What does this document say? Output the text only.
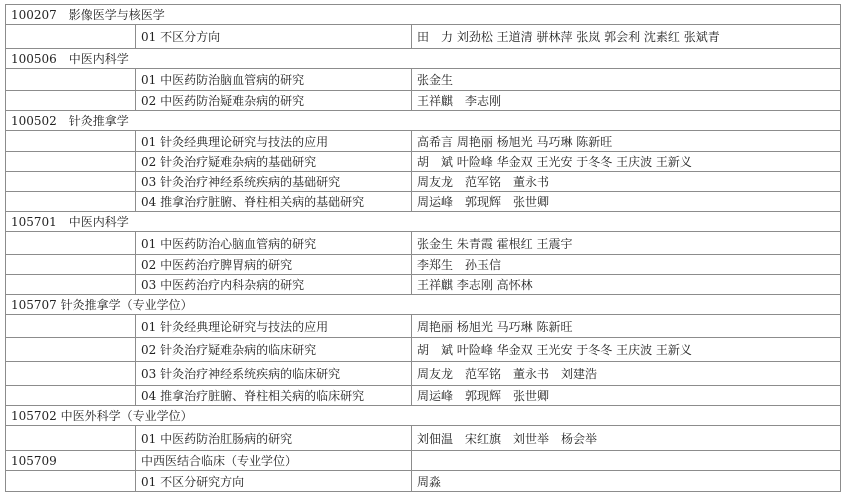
100207　影像医学与核医学		
	01 不区分方向	田　力 刘劲松 王道清 骈林萍 张岚 郭会利 沈素红 张斌青
100506　中医内科学		
	01 中医药防治脑血管病的研究	张金生
	02 中医药防治疑难杂病的研究	王祥麒　李志刚
100502　针灸推拿学		
	01 针灸经典理论研究与技法的应用	高希言 周艳丽 杨旭光 马巧琳 陈新旺
	02 针灸治疗疑难杂病的基础研究	胡　斌 叶险峰 华金双 王光安 于冬冬 王庆波 王新义
	03 针灸治疗神经系统疾病的基础研究	周友龙　范军铭　董永书
	04 推拿治疗脏腑、脊柱相关病的基础研究	周运峰　郭现辉　张世卿
105701　中医内科学		
	01 中医药防治心脑血管病的研究	张金生 朱青霞 霍根红 王震宇
	02 中医药治疗脾胃病的研究	李郑生　孙玉信
	03 中医药治疗内科杂病的研究	王祥麒 李志刚 高怀林
105707 针灸推拿学（专业学位）		
	01 针灸经典理论研究与技法的应用	周艳丽 杨旭光 马巧琳 陈新旺
	02 针灸治疗疑难杂病的临床研究	胡　斌 叶险峰 华金双 王光安 于冬冬 王庆波 王新义
	03 针灸治疗神经系统疾病的临床研究	周友龙　范军铭　董永书　刘建浩
	04 推拿治疗脏腑、脊柱相关病的临床研究	周运峰　郭现辉　张世卿
105702 中医外科学（专业学位）		
	01 中医药防治肛肠病的研究	刘佃温　宋红旗　刘世举　杨会举
105709	中西医结合临床（专业学位）	
	01 不区分研究方向	周淼
